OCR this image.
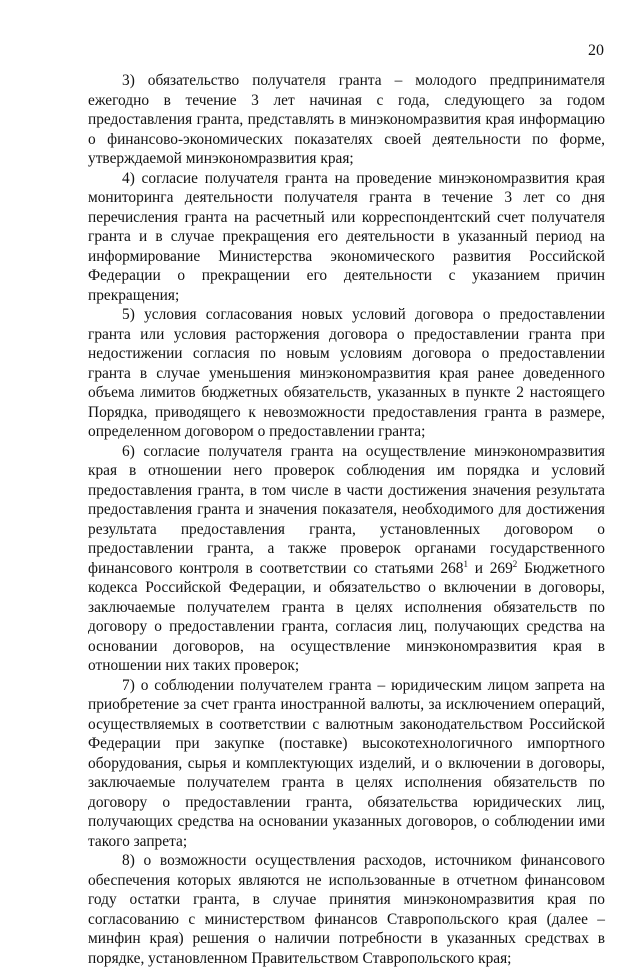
20

3) обязательство получателя гранта – молодого предпринимателя ежегодно в течение 3 лет начиная с года, следующего за годом предоставления гранта, представлять в минэкономразвития края информацию о финансово-экономических показателях своей деятельности по форме, утверждаемой минэкономразвития края;

4) согласие получателя гранта на проведение минэкономразвития края мониторинга деятельности получателя гранта в течение 3 лет со дня перечисления гранта на расчетный или корреспондентский счет получателя гранта и в случае прекращения его деятельности в указанный период на информирование Министерства экономического развития Российской Федерации о прекращении его деятельности с указанием причин прекращения;

5) условия согласования новых условий договора о предоставлении гранта или условия расторжения договора о предоставлении гранта при недостижении согласия по новым условиям договора о предоставлении гранта в случае уменьшения минэкономразвития края ранее доведенного объема лимитов бюджетных обязательств, указанных в пункте 2 настоящего Порядка, приводящего к невозможности предоставления гранта в размере, определенном договором о предоставлении гранта;

6) согласие получателя гранта на осуществление минэкономразвития края в отношении него проверок соблюдения им порядка и условий предоставления гранта, в том числе в части достижения значения результата предоставления гранта и значения показателя, необходимого для достижения результата предоставления гранта, установленных договором о предоставлении гранта, а также проверок органами государственного финансового контроля в соответствии со статьями $268^1$ и $269^2$ Бюджетного кодекса Российской Федерации, и обязательство о включении в договоры, заключаемые получателем гранта в целях исполнения обязательств по договору о предоставлении гранта, согласия лиц, получающих средства на основании договоров, на осуществление минэкономразвития края в отношении них таких проверок;

7) о соблюдении получателем гранта – юридическим лицом запрета на приобретение за счет гранта иностранной валюты, за исключением операций, осуществляемых в соответствии с валютным законодательством Российской Федерации при закупке (поставке) высокотехнологичного импортного оборудования, сырья и комплектующих изделий, и о включении в договоры, заключаемые получателем гранта в целях исполнения обязательств по договору о предоставлении гранта, обязательства юридических лиц, получающих средства на основании указанных договоров, о соблюдении ими такого запрета;

8) о возможности осуществления расходов, источником финансового обеспечения которых являются не использованные в отчетном финансовом году остатки гранта, в случае принятия минэкономразвития края по согласованию с министерством финансов Ставропольского края (далее – минфин края) решения о наличии потребности в указанных средствах в порядке, установленном Правительством Ставропольского края;
